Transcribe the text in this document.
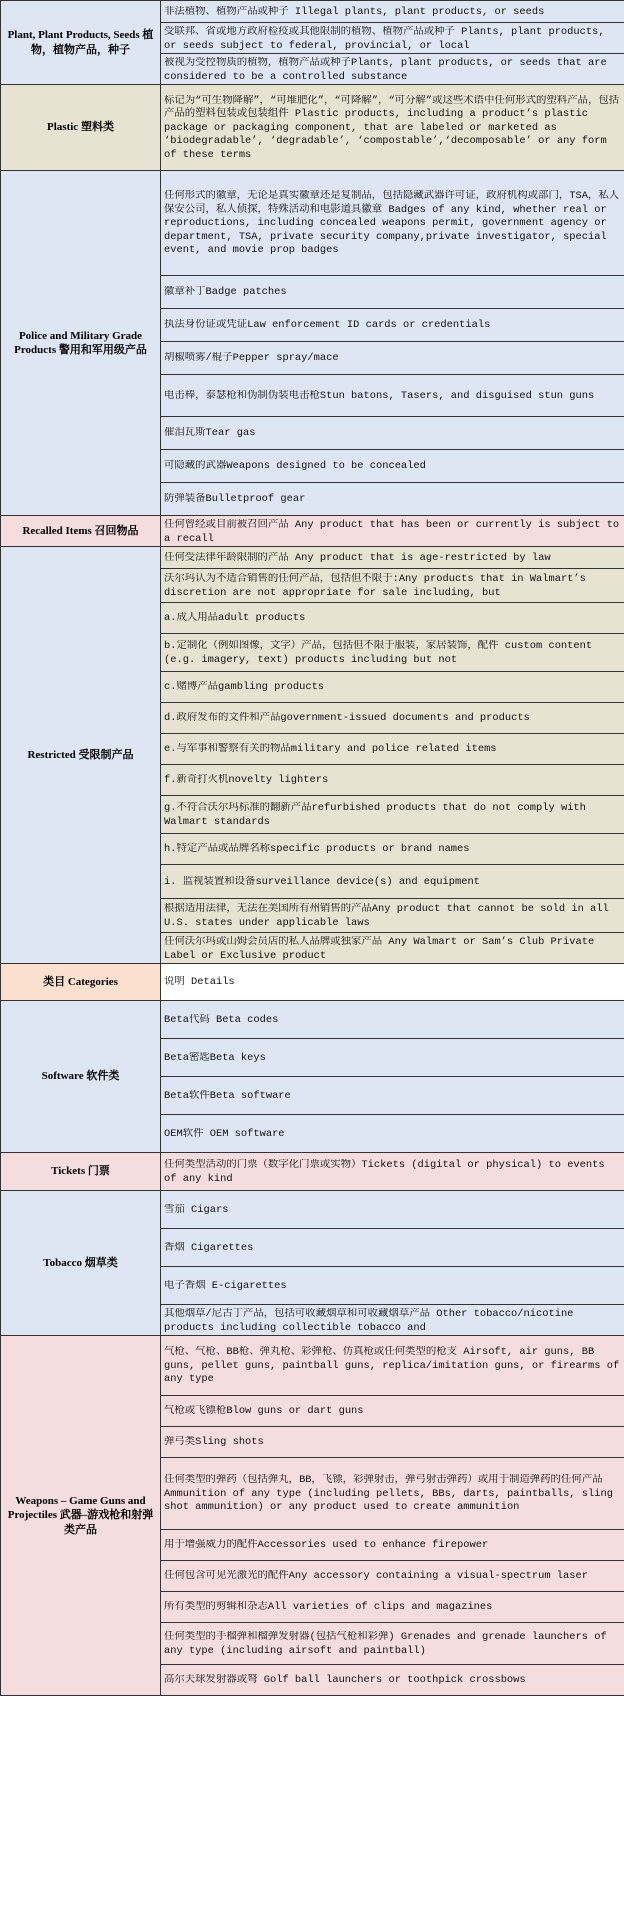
Plant, Plant Products, Seeds 植物，植物产品，种子	非法植物、植物产品或种子 Illegal plants, plant products, or seeds

	受联邦、省或地方政府检疫或其他限制的植物、植物产品或种子 Plants, plant products, or seeds subject to federal, provincial, or local

	被视为受控物质的植物，植物产品或种子Plants, plant products, or seeds that are considered to be a controlled substance

Plastic 塑料类	标记为“可生物降解”，“可堆肥化”，“可降解”，“可分解”或这些术语中任何形式的塑料产品，包括产品的塑料包装或包装组件 Plastic products, including a product’s plastic package or packaging component, that are labeled or marketed as ‘biodegradable’, ‘degradable’, ‘compostable’,‘decomposable’ or any form of these terms

Police and Military Grade Products 警用和军用级产品	任何形式的徽章，无论是真实徽章还是复制品，包括隐藏武器许可证，政府机构或部门，TSA，私人保安公司，私人侦探，特殊活动和电影道具徽章 Badges of any kind, whether real or reproductions, including concealed weapons permit, government agency or department, TSA, private security company,private investigator, special event, and movie prop badges

	徽章补丁Badge patches

	执法身份证或凭证Law enforcement ID cards or credentials

	胡椒喷雾/棍子Pepper spray/mace

	电击棒，泰瑟枪和伪制伪装电击枪Stun batons, Tasers, and disguised stun guns

	催泪瓦斯Tear gas

	可隐藏的武器Weapons designed to be concealed

	防弹装备Bulletproof gear

Recalled Items 召回物品	任何曾经或目前被召回产品 Any product that has been or currently is subject to a recall

Restricted 受限制产品	任何受法律年龄限制的产品 Any product that is age-restricted by law

	沃尔玛认为不适合销售的任何产品，包括但不限于:Any products that in Walmart’s discretion are not appropriate for sale including, but

	a.成人用品adult products

	b.定制化（例如图像，文字）产品，包括但不限于服装，家居装饰，配件 custom content (e.g. imagery, text) products including but not

	c.赌博产品gambling products

	d.政府发布的文件和产品government-issued documents and products

	e.与军事和警察有关的物品military and police related items

	f.新奇打火机novelty lighters

	g.不符合沃尔玛标准的翻新产品refurbished products that do not comply with Walmart standards

	h.特定产品或品牌名称specific products or brand names

	i. 监视装置和设备surveillance device(s) and equipment

	根据适用法律，无法在美国所有州销售的产品Any product that cannot be sold in all U.S. states under applicable laws

	任何沃尔玛或山姆会员店的私人品牌或独家产品 Any Walmart or Sam’s Club Private Label or Exclusive product

类目 Categories	说明 Details

Software 软件类	Beta代码 Beta codes

	Beta密匙Beta keys

	Beta软件Beta software

	OEM软件 OEM software

Tickets 门票	任何类型活动的门票（数字化门票或实物）Tickets (digital or physical) to events of any kind

Tobacco 烟草类	雪茄 Cigars

	香烟 Cigarettes

	电子香烟 E-cigarettes

	其他烟草/尼古丁产品，包括可收藏烟草和可收藏烟草产品 Other tobacco/nicotine products including collectible tobacco and

Weapons – Game Guns and Projectiles 武器–游戏枪和射弹类产品	气枪、气枪、BB枪、弹丸枪、彩弹枪、仿真枪或任何类型的枪支 Airsoft, air guns, BB guns, pellet guns, paintball guns, replica/imitation guns, or firearms of any type

	气枪或飞镖枪Blow guns or dart guns

	弹弓类Sling shots

	任何类型的弹药（包括弹丸，BB，飞镖，彩弹射击，弹弓射击弹药）或用于制造弹药的任何产品 Ammunition of any type (including pellets, BBs, darts, paintballs, sling shot ammunition) or any product used to create ammunition

	用于增强威力的配件Accessories used to enhance firepower

	任何包含可见光激光的配件Any accessory containing a visual-spectrum laser

	所有类型的剪辑和杂志All varieties of clips and magazines

	任何类型的手榴弹和榴弹发射器(包括气枪和彩弹) Grenades and grenade launchers of any type (including airsoft and paintball)

	高尔夫球发射器或弩 Golf ball launchers or toothpick crossbows
